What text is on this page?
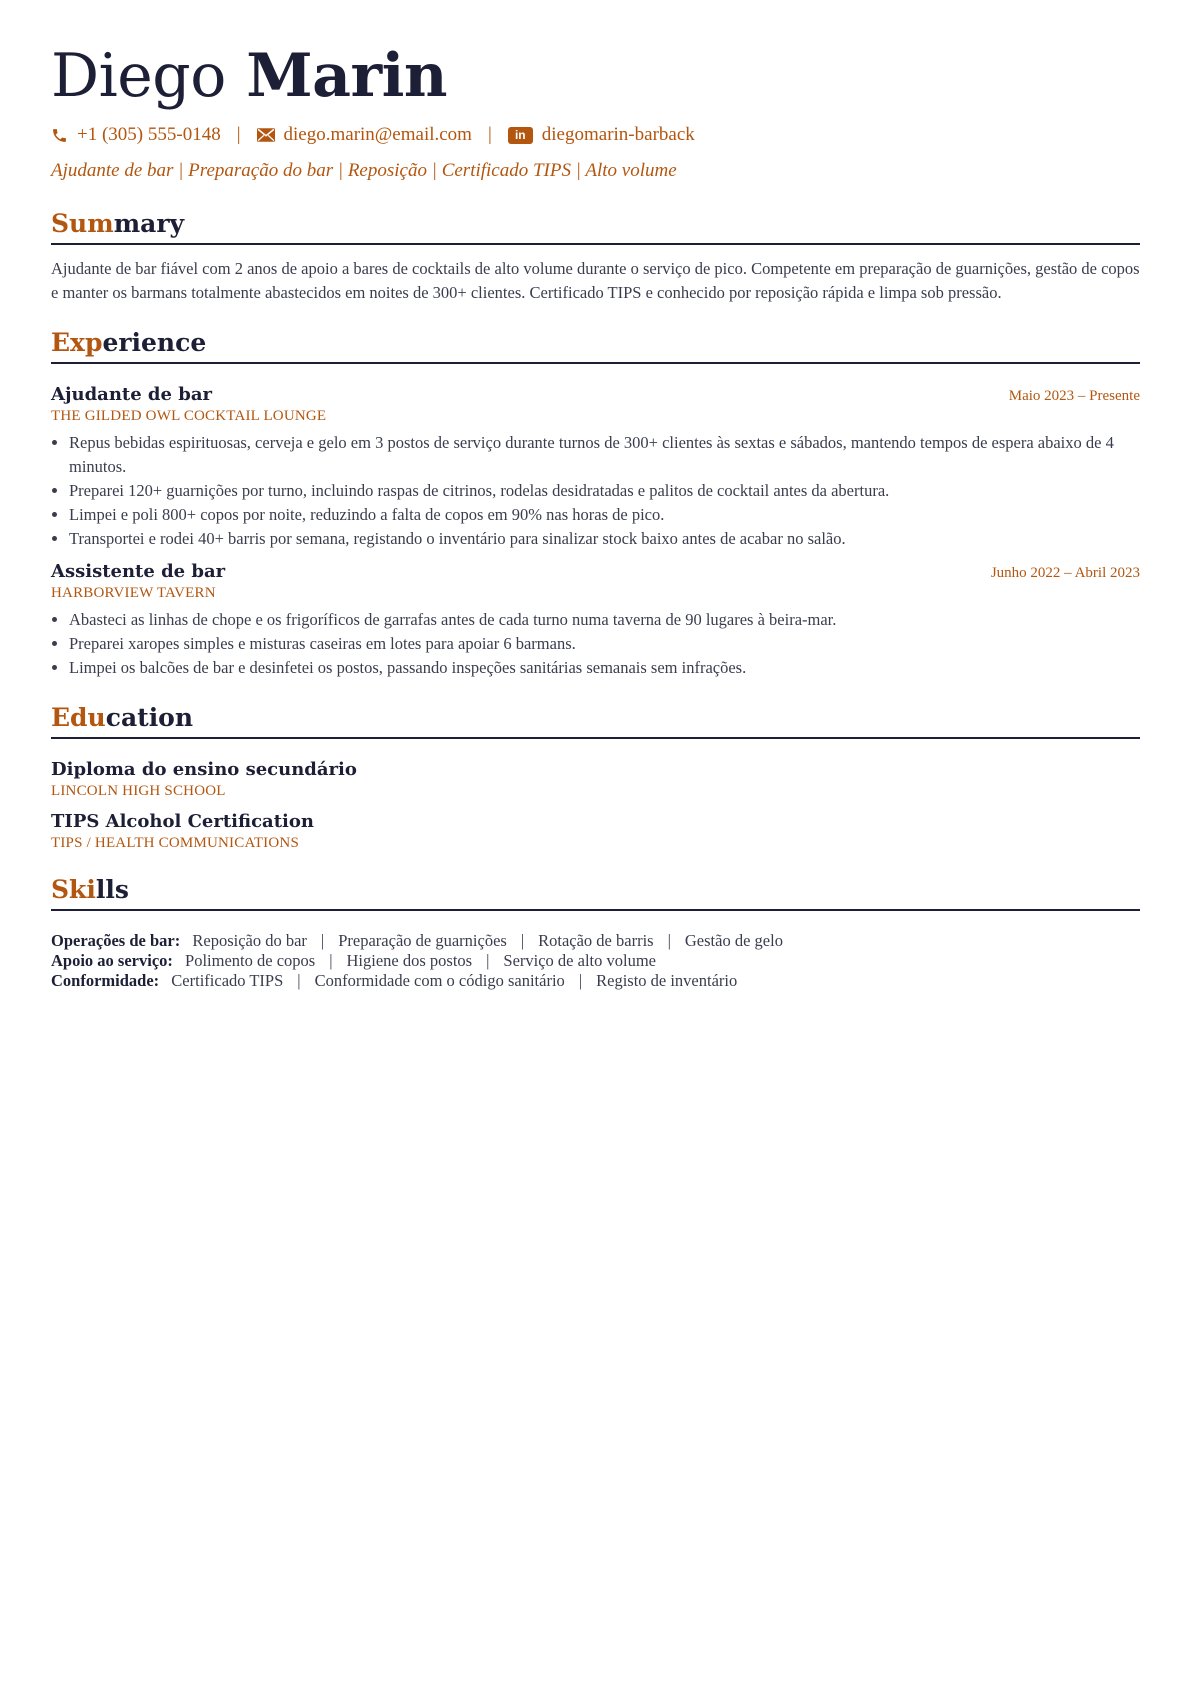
Diego Marin
+1 (305) 555-0148 | diego.marin@email.com |	in diegomarin-barback
Ajudante de bar | Preparação do bar | Reposição | Certificado TIPS | Alto volume
Summary

Ajudante de bar fiável com 2 anos de apoio a bares de cocktails de alto volume durante o serviço de pico. Competente em preparação de guarnições, gestão de copos e manter os barmans totalmente abastecidos em noites de 300+ clientes. Certificado TIPS e conhecido por reposição rápida e limpa sob pressão.

Experience
Ajudante de bar	Maio 2023 – Presente
THE GILDED OWL COCKTAIL LOUNGE
• Repus bebidas espirituosas, cerveja e gelo em 3 postos de serviço durante turnos de 300+ clientes às sextas e sábados, mantendo tempos de espera abaixo de 4 minutos.
• Preparei 120+ guarnições por turno, incluindo raspas de citrinos, rodelas desidratadas e palitos de cocktail antes da abertura.
• Limpei e poli 800+ copos por noite, reduzindo a falta de copos em 90% nas horas de pico.
• Transportei e rodei 40+ barris por semana, registando o inventário para sinalizar stock baixo antes de acabar no salão.
Assistente de bar	Junho 2022 – Abril 2023
HARBORVIEW TAVERN
• Abasteci as linhas de chope e os frigoríficos de garrafas antes de cada turno numa taverna de 90 lugares à beira-mar.
• Preparei xaropes simples e misturas caseiras em lotes para apoiar 6 barmans.
• Limpei os balcões de bar e desinfetei os postos, passando inspeções sanitárias semanais sem infrações.
Education
Diploma do ensino secundário
LINCOLN HIGH SCHOOL
TIPS Alcohol Certification
TIPS / HEALTH COMMUNICATIONS
Skills
Operações de bar: Reposição do bar | Preparação de guarnições | Rotação de barris | Gestão de gelo
Apoio ao serviço: Polimento de copos | Higiene dos postos | Serviço de alto volume
Conformidade: Certificado TIPS | Conformidade com o código sanitário | Registo de inventário
